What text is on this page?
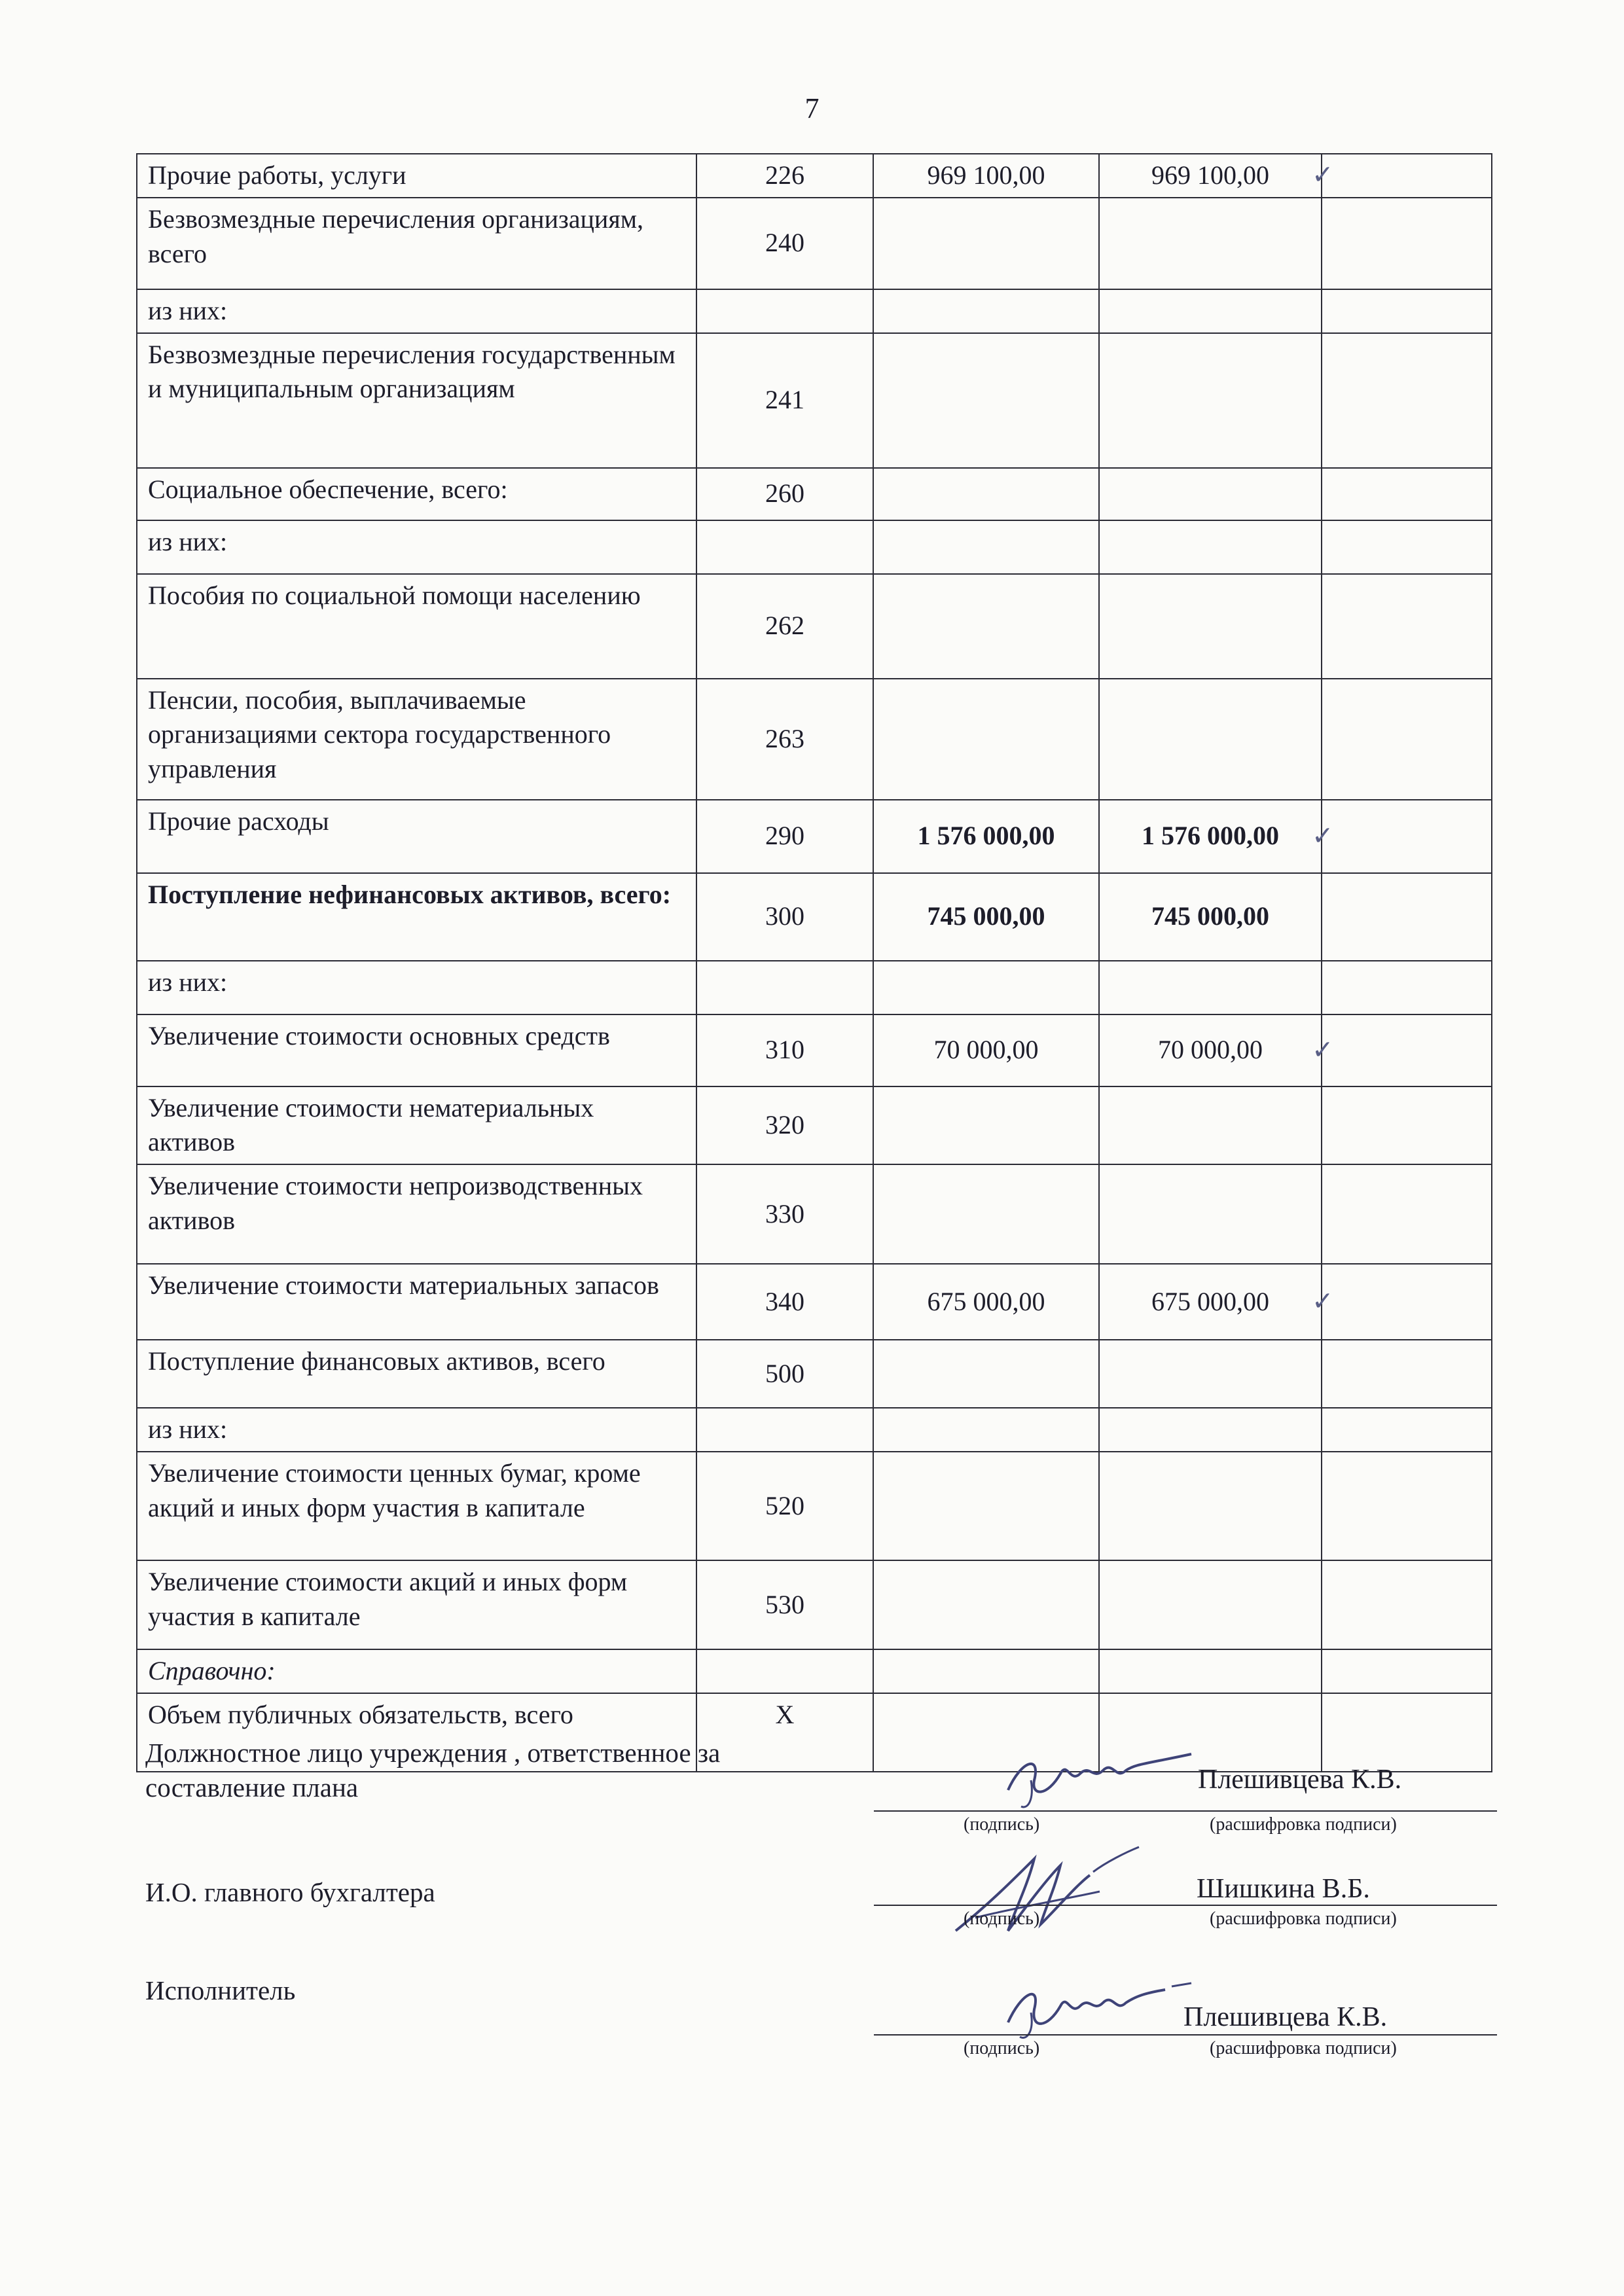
7
Прочие работы, услуги	226	969 100,00	969 100,00	✓

Безвозмездные перечисления организациям, всего	240			

из них:				

Безвозмездные перечисления государственным и муниципальным организациям	241			

Социальное обеспечение, всего:	260			

из них:				

Пособия по социальной помощи населению	262			

Пенсии, пособия, выплачиваемые организациями сектора государственного управления	263			

Прочие расходы	290	1 576 000,00	1 576 000,00	✓

Поступление нефинансовых активов, всего:	300	745 000,00	745 000,00	

из них:				

Увеличение стоимости основных средств	310	70 000,00	70 000,00	✓

Увеличение стоимости нематериальных активов	320			

Увеличение стоимости непроизводственных активов	330			

Увеличение стоимости материальных запасов	340	675 000,00	675 000,00	✓

Поступление финансовых активов, всего	500			

из них:				

Увеличение стоимости ценных бумаг, кроме акций и иных форм участия в капитале	520			

Увеличение стоимости акций и иных форм участия в капитале	530			

Справочно:				

Объем публичных обязательств, всего	X			
Должностное лицо учреждения , ответственное за составление плана	Плешивцева К.В.
(подпись)	(расшифровка подписи)
И.О. главного бухгалтера	Шишкина В.Б.
(подпись)	(расшифровка подписи)
Исполнитель
Плешивцева К.В.
(подпись)	(расшифровка подписи)
